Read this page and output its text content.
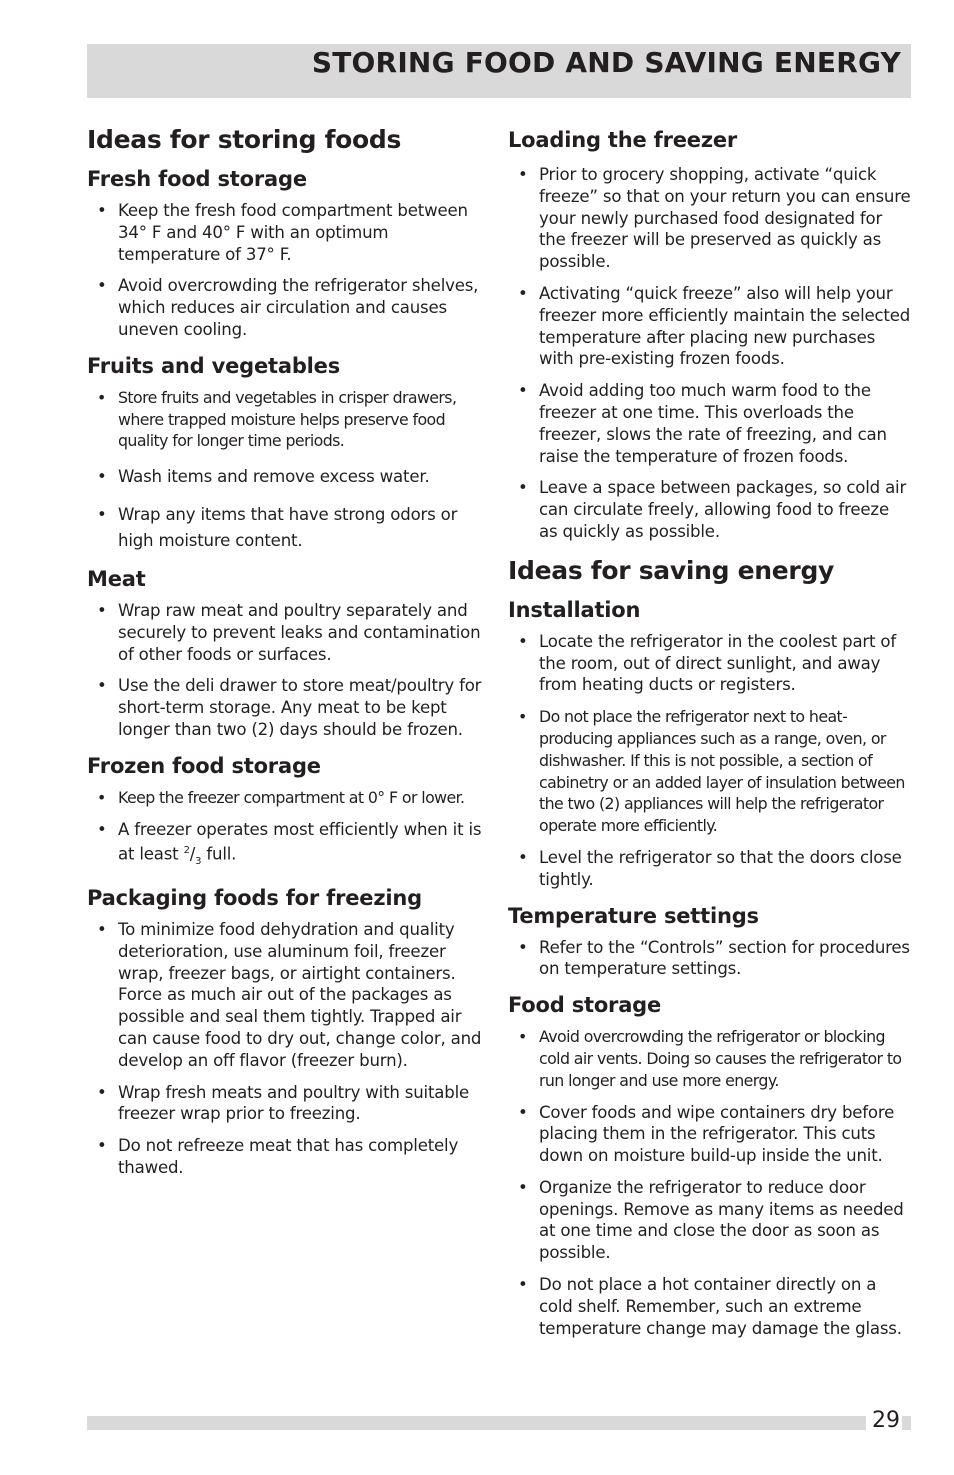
STORING FOOD AND SAVING ENERGY
Ideas for storing foods
Fresh food storage
• Keep the fresh food compartment between 34° F and 40° F with an optimum temperature of 37° F.
• Avoid overcrowding the refrigerator shelves, which reduces air circulation and causes uneven cooling.
Fruits and vegetables
• Store fruits and vegetables in crisper drawers, where trapped moisture helps preserve food quality for longer time periods.
• Wash items and remove excess water.
• Wrap any items that have strong odors or high moisture content.
Meat
• Wrap raw meat and poultry separately and securely to prevent leaks and contamination of other foods or surfaces.
• Use the deli drawer to store meat/poultry for short-term storage. Any meat to be kept longer than two (2) days should be frozen.
Frozen food storage
• Keep the freezer compartment at 0° F or lower.
• A freezer operates most efficiently when it is at least $^2/_3$ full.
Packaging foods for freezing
• To minimize food dehydration and quality deterioration, use aluminum foil, freezer wrap, freezer bags, or airtight containers. Force as much air out of the packages as possible and seal them tightly. Trapped air can cause food to dry out, change color, and develop an off flavor (freezer burn).
• Wrap fresh meats and poultry with suitable freezer wrap prior to freezing.
• Do not refreeze meat that has completely thawed.
Loading the freezer
• Prior to grocery shopping, activate “quick freeze” so that on your return you can ensure your newly purchased food designated for the freezer will be preserved as quickly as possible.
• Activating “quick freeze” also will help your freezer more efficiently maintain the selected temperature after placing new purchases with pre-existing frozen foods.
• Avoid adding too much warm food to the freezer at one time. This overloads the freezer, slows the rate of freezing, and can raise the temperature of frozen foods.
• Leave a space between packages, so cold air can circulate freely, allowing food to freeze as quickly as possible.
Ideas for saving energy
Installation
• Locate the refrigerator in the coolest part of the room, out of direct sunlight, and away from heating ducts or registers.
• Do not place the refrigerator next to heat-producing appliances such as a range, oven, or dishwasher. If this is not possible, a section of cabinetry or an added layer of insulation between the two (2) appliances will help the refrigerator operate more efficiently.
• Level the refrigerator so that the doors close tightly.
Temperature settings
• Refer to the “Controls” section for procedures on temperature settings.
Food storage
• Avoid overcrowding the refrigerator or blocking cold air vents. Doing so causes the refrigerator to run longer and use more energy.
• Cover foods and wipe containers dry before placing them in the refrigerator. This cuts down on moisture build-up inside the unit.
• Organize the refrigerator to reduce door openings. Remove as many items as needed at one time and close the door as soon as possible.
• Do not place a hot container directly on a cold shelf. Remember, such an extreme temperature change may damage the glass.
29
